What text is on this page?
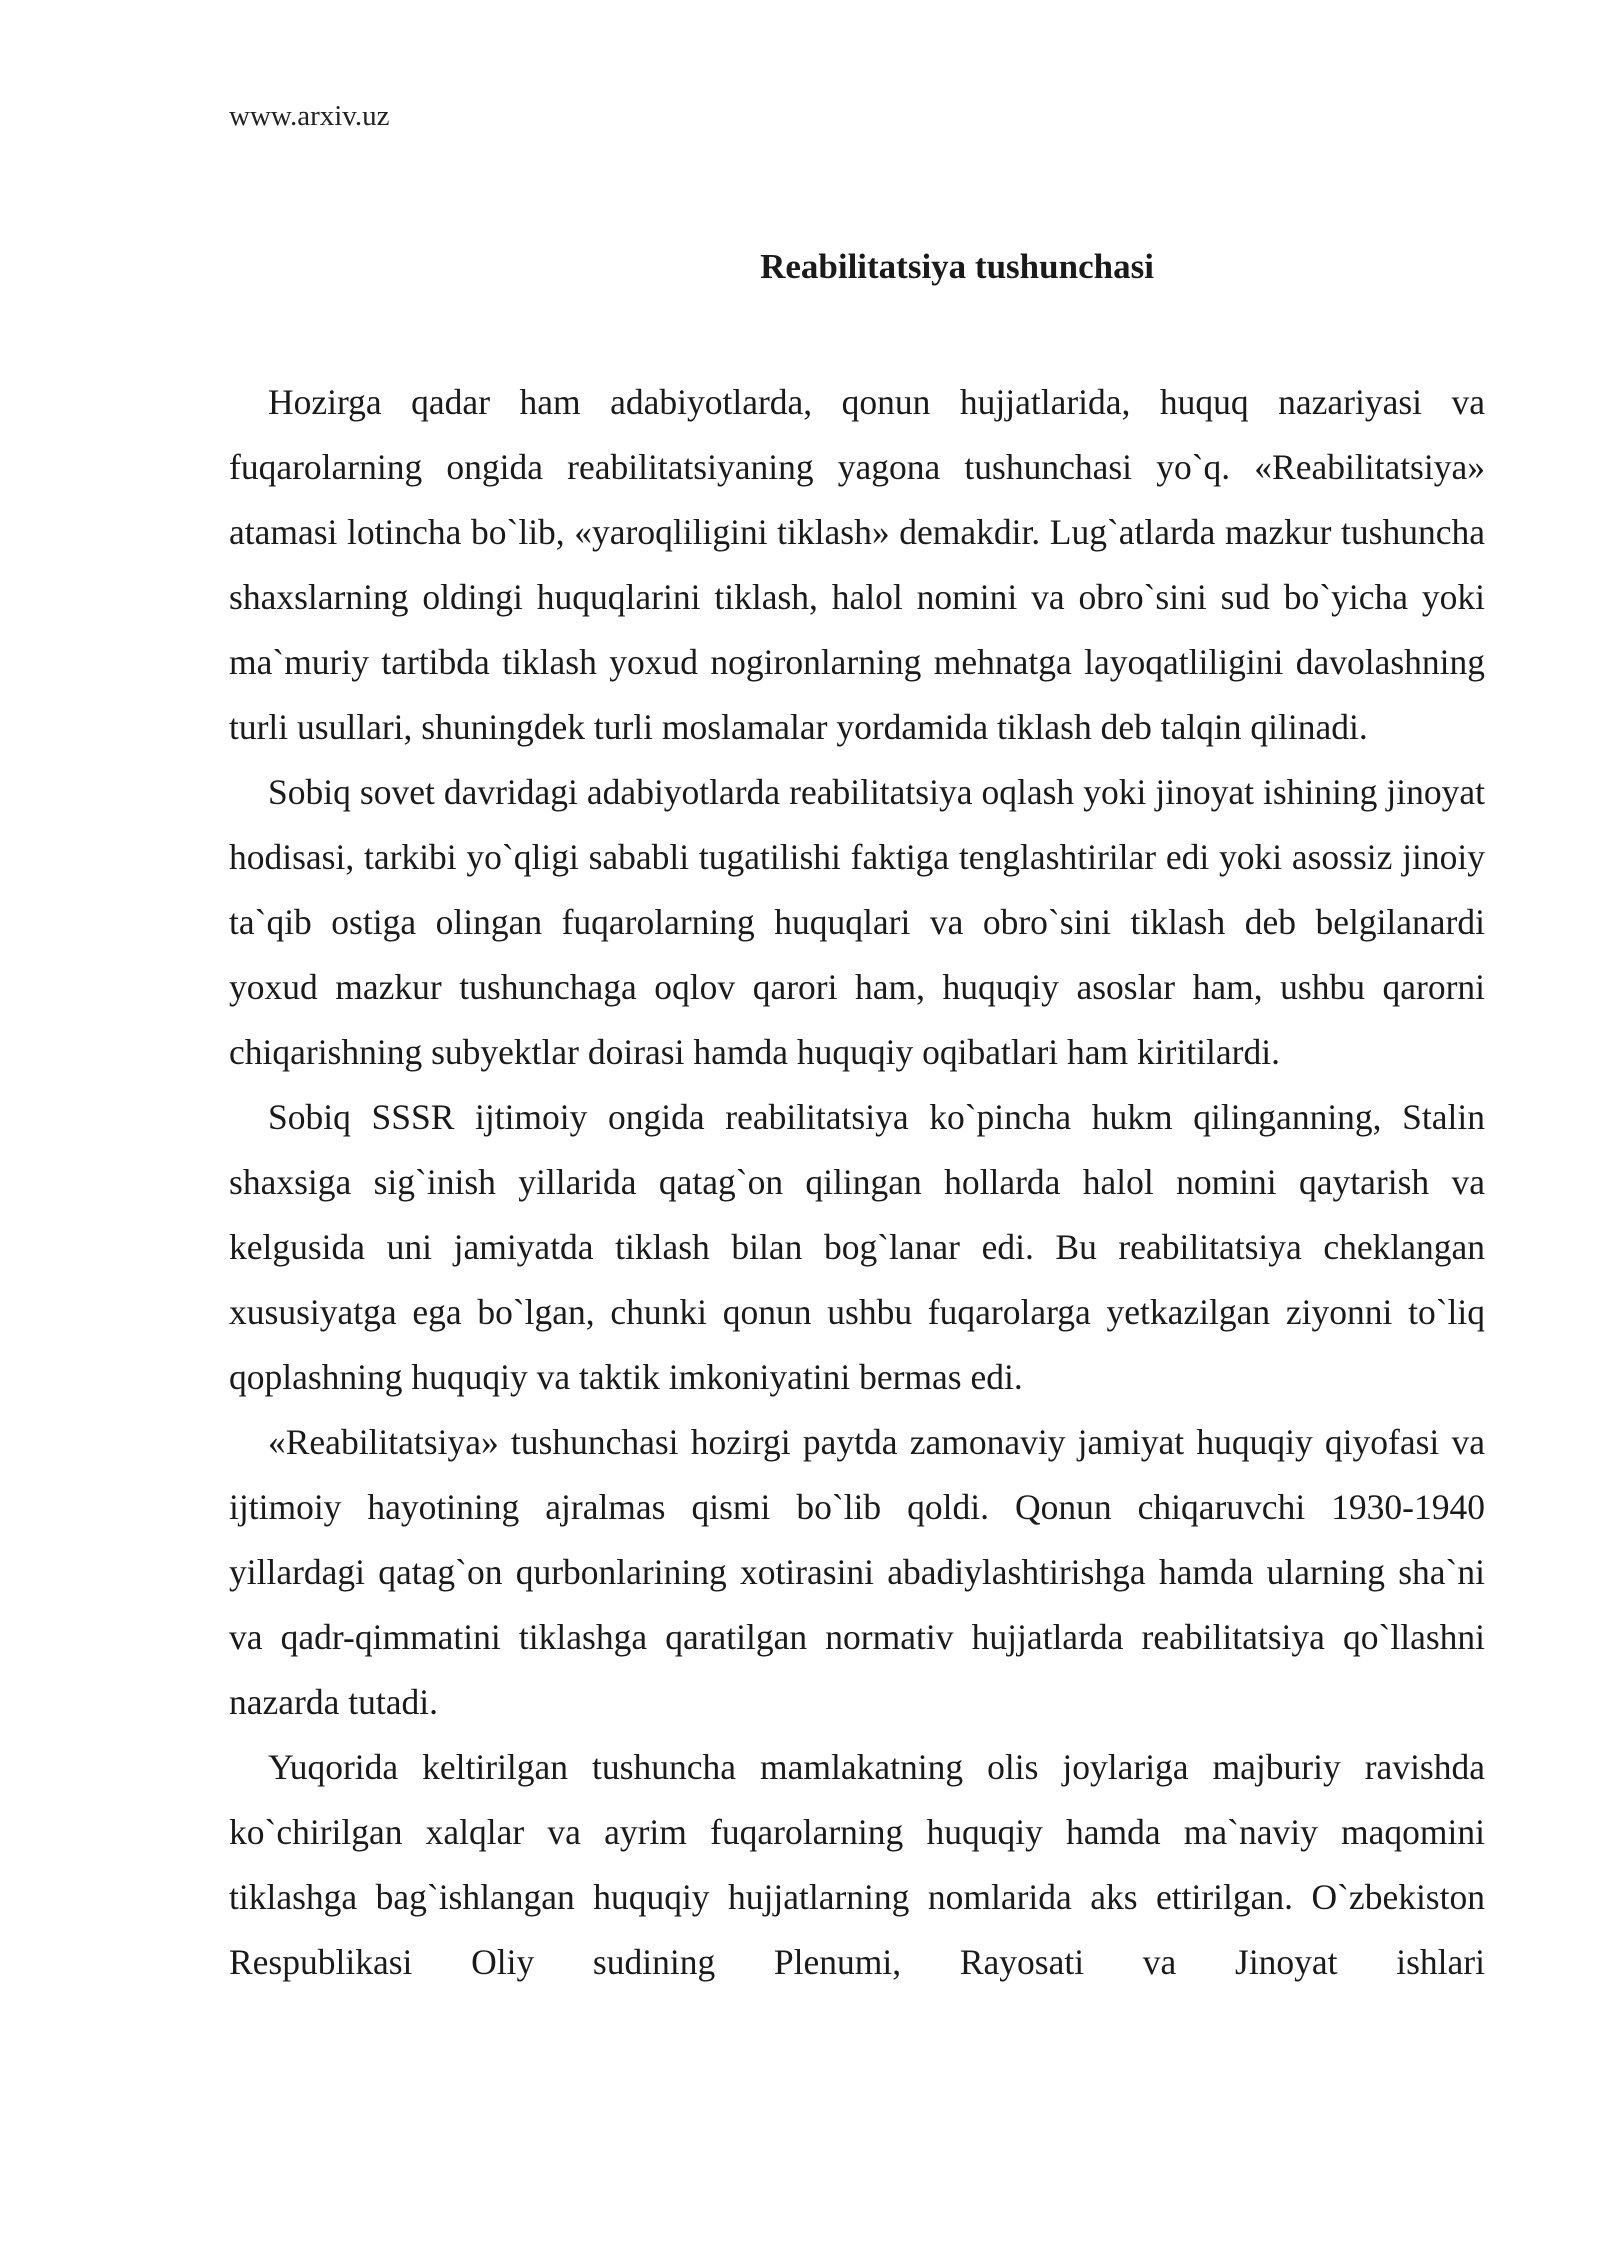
www.arxiv.uz
Reabilitatsiya tushunchasi

Hozirga qadar ham adabiyotlarda, qonun hujjatlarida, huquq nazariyasi va fuqarolarning ongida reabilitatsiyaning yagona tushunchasi yo`q. «Reabilitatsiya» atamasi lotincha bo`lib, «yaroqliligini tiklash» demakdir. Lug`atlarda mazkur tushuncha shaxslarning oldingi huquqlarini tiklash, halol nomini va obro`sini sud bo`yicha yoki ma`muriy tartibda tiklash yoxud nogironlarning mehnatga layoqatliligini davolashning turli usullari, shuningdek turli moslamalar yordamida tiklash deb talqin qilinadi.

Sobiq sovet davridagi adabiyotlarda reabilitatsiya oqlash yoki jinoyat ishining jinoyat hodisasi, tarkibi yo`qligi sababli tugatilishi faktiga tenglashtirilar edi yoki asossiz jinoiy ta`qib ostiga olingan fuqarolarning huquqlari va obro`sini tiklash deb belgilanardi yoxud mazkur tushunchaga oqlov qarori ham, huquqiy asoslar ham, ushbu qarorni chiqarishning subyektlar doirasi hamda huquqiy oqibatlari ham kiritilardi.

Sobiq SSSR ijtimoiy ongida reabilitatsiya ko`pincha hukm qilinganning, Stalin shaxsiga sig`inish yillarida qatag`on qilingan hollarda halol nomini qaytarish va kelgusida uni jamiyatda tiklash bilan bog`lanar edi. Bu reabilitatsiya cheklangan xususiyatga ega bo`lgan, chunki qonun ushbu fuqarolarga yetkazilgan ziyonni to`liq qoplashning huquqiy va taktik imkoniyatini bermas edi.

«Reabilitatsiya» tushunchasi hozirgi paytda zamonaviy jamiyat huquqiy qiyofasi va ijtimoiy hayotining ajralmas qismi bo`lib qoldi. Qonun chiqaruvchi 1930-1940 yillardagi qatag`on qurbonlarining xotirasini abadiylashtirishga hamda ularning sha`ni va qadr-qimmatini tiklashga qaratilgan normativ hujjatlarda reabilitatsiya qo`llashni nazarda tutadi.

Yuqorida keltirilgan tushuncha mamlakatning olis joylariga majburiy ravishda ko`chirilgan xalqlar va ayrim fuqarolarning huquqiy hamda ma`naviy maqomini tiklashga bag`ishlangan huquqiy hujjatlarning nomlarida aks ettirilgan. O`zbekiston Respublikasi Oliy sudining Plenumi, Rayosati va Jinoyat ishlari
